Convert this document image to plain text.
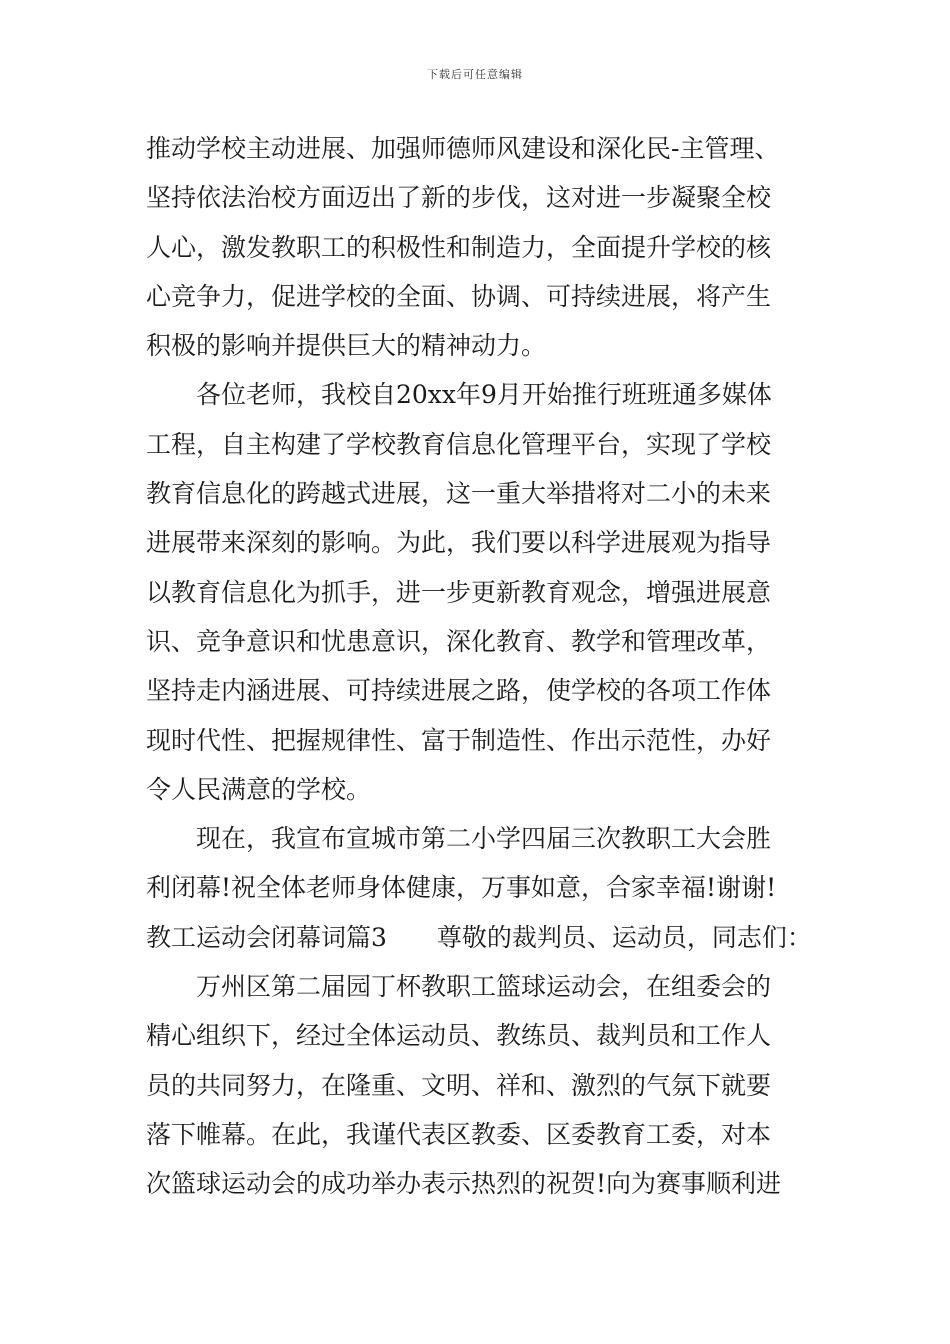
下载后可任意编辑
推动学校主动进展、加强师德师风建设和深化民-主管理、
坚持依法治校方面迈出了新的步伐，这对进一步凝聚全校
人心，激发教职工的积极性和制造力，全面提升学校的核
心竞争力，促进学校的全面、协调、可持续进展，将产生
积极的影响并提供巨大的精神动力。
各位老师，我校自20xx年9月开始推行班班通多媒体
工程，自主构建了学校教育信息化管理平台，实现了学校
教育信息化的跨越式进展，这一重大举措将对二小的未来
进展带来深刻的影响。为此，我们要以科学进展观为指导
以教育信息化为抓手，进一步更新教育观念，增强进展意
识、竞争意识和忧患意识，深化教育、教学和管理改革，
坚持走内涵进展、可持续进展之路，使学校的各项工作体
现时代性、把握规律性、富于制造性、作出示范性，办好
令人民满意的学校。
现在，我宣布宣城市第二小学四届三次教职工大会胜
利闭幕!祝全体老师身体健康，万事如意，合家幸福!谢谢!
教工运动会闭幕词篇3　　尊敬的裁判员、运动员，同志们：
万州区第二届园丁杯教职工篮球运动会，在组委会的
精心组织下，经过全体运动员、教练员、裁判员和工作人
员的共同努力，在隆重、文明、祥和、激烈的气氛下就要
落下帷幕。在此，我谨代表区教委、区委教育工委，对本
次篮球运动会的成功举办表示热烈的祝贺!向为赛事顺利进
